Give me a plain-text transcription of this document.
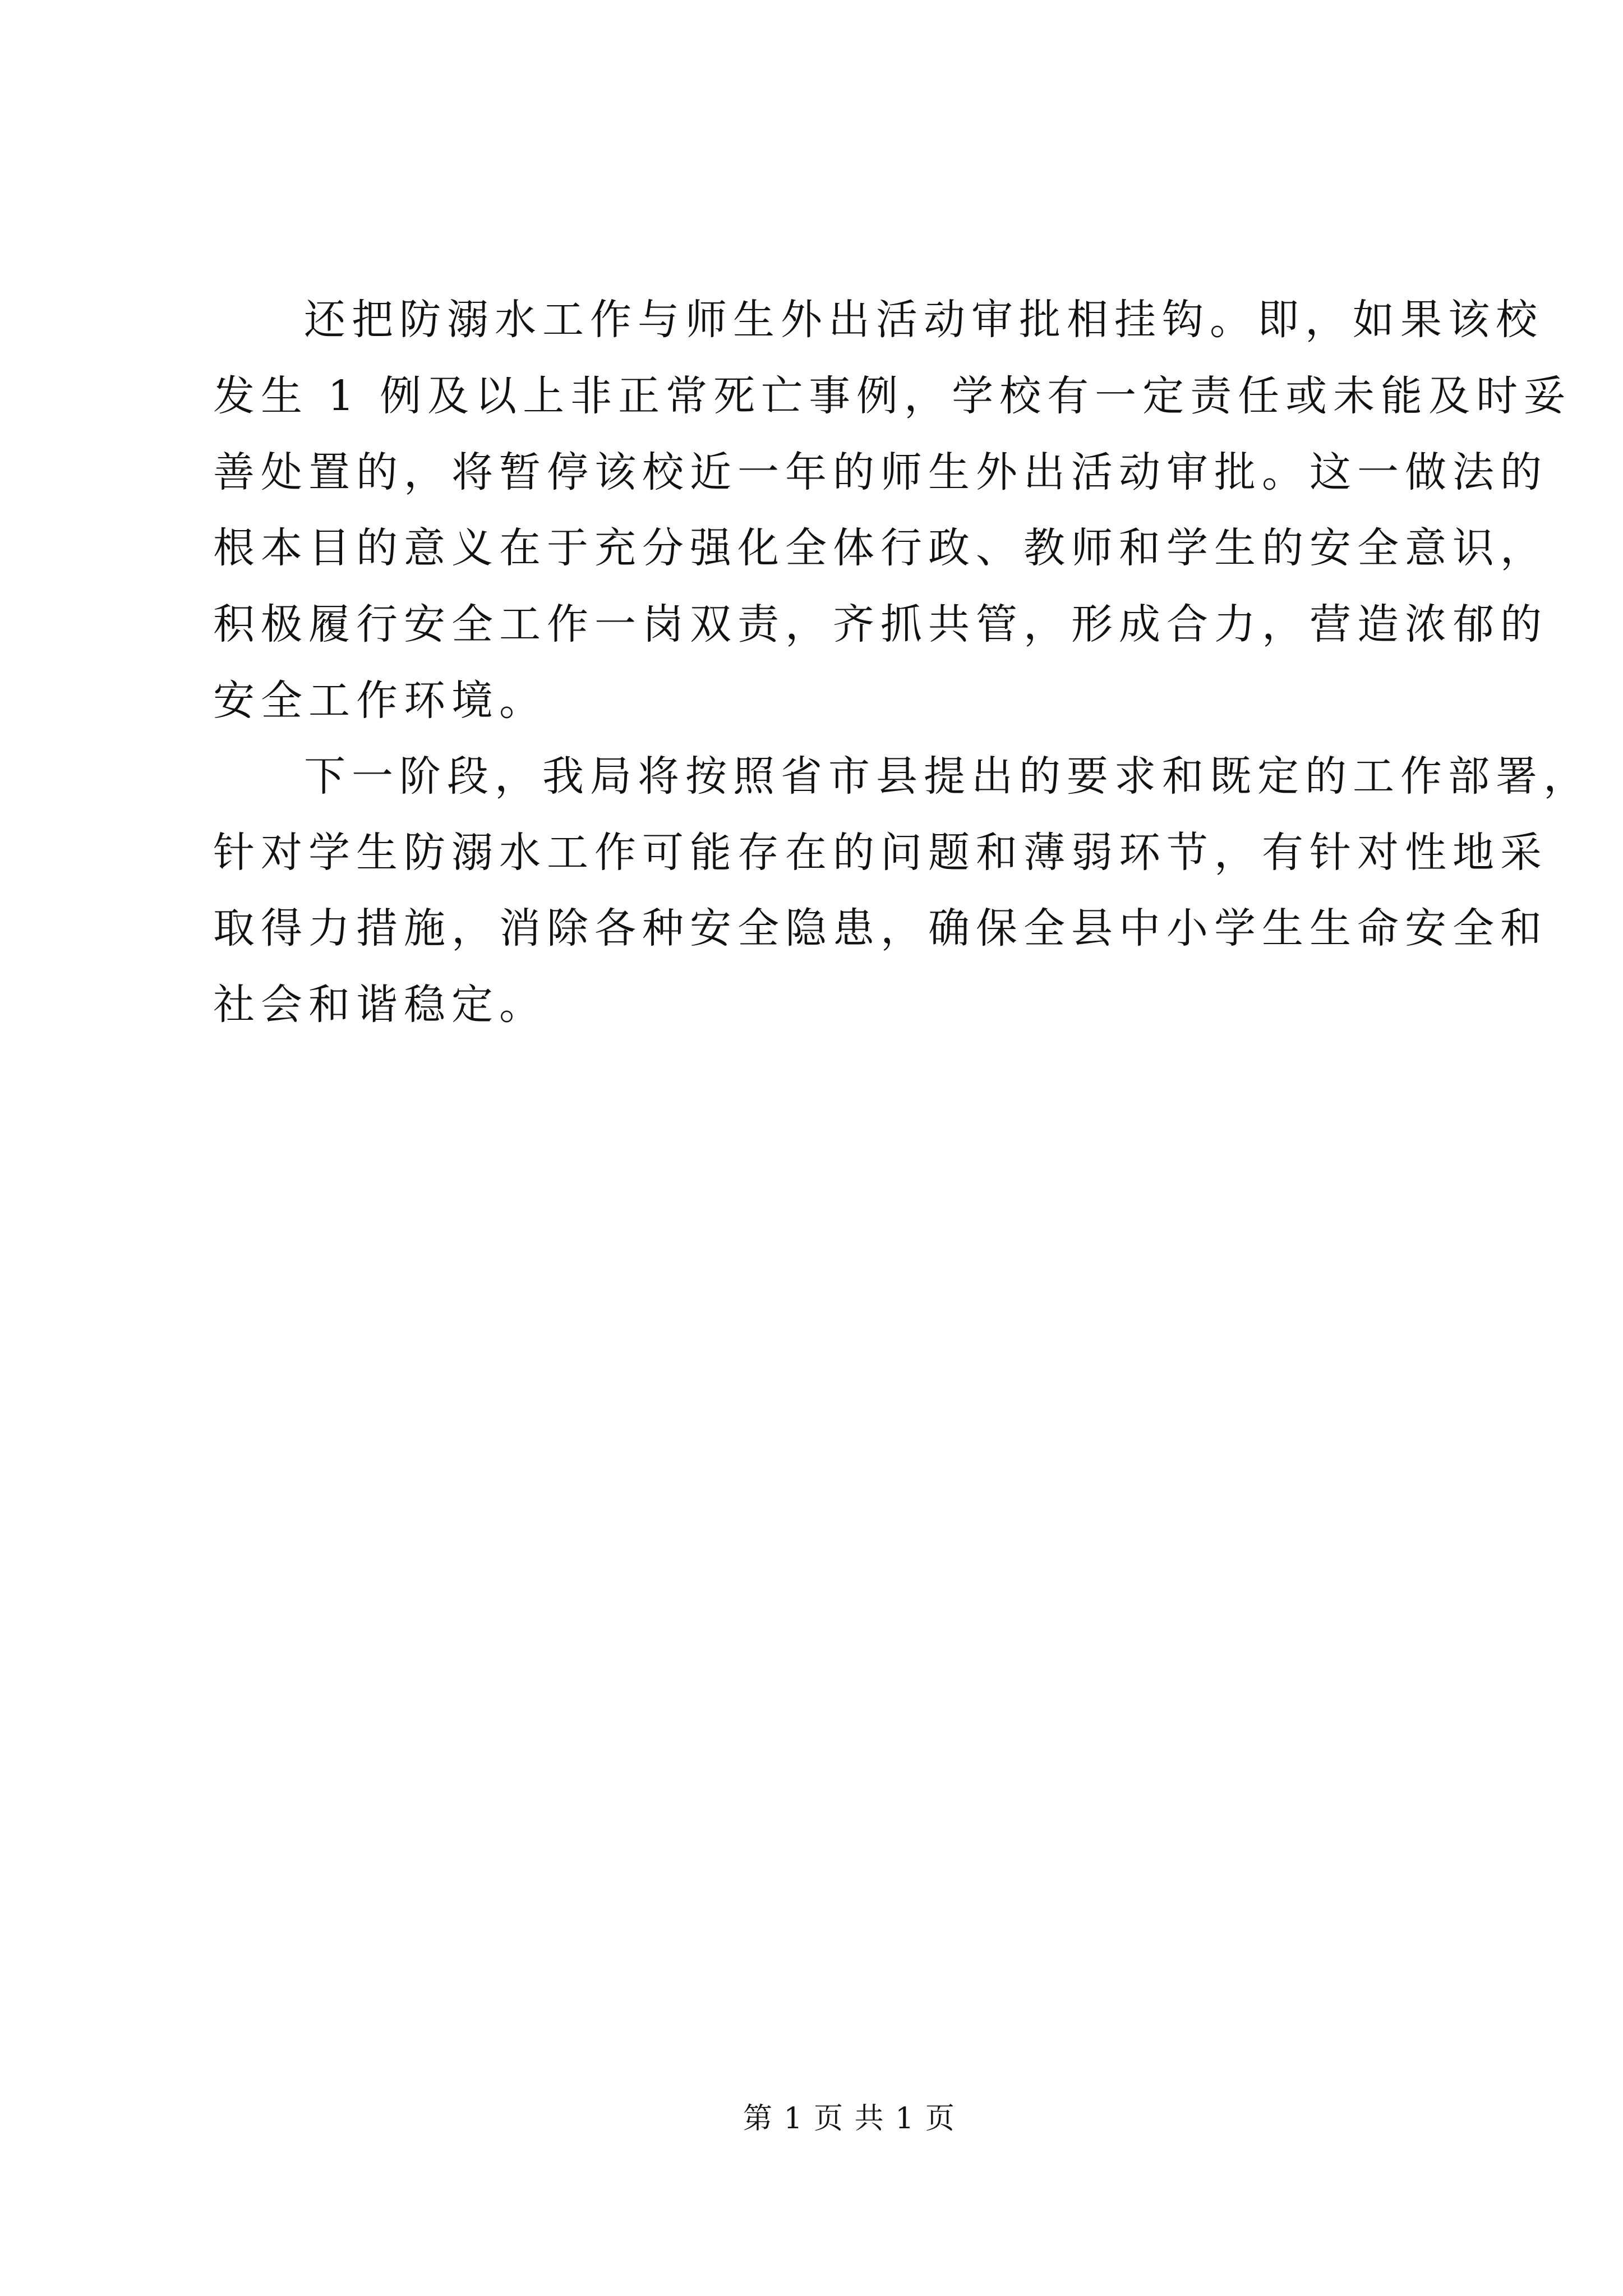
还把防溺水工作与师生外出活动审批相挂钩。即，如果该校
发生 1 例及以上非正常死亡事例，学校有一定责任或未能及时妥
善处置的，将暂停该校近一年的师生外出活动审批。这一做法的
根本目的意义在于充分强化全体行政、教师和学生的安全意识，
积极履行安全工作一岗双责，齐抓共管，形成合力，营造浓郁的
安全工作环境。
下一阶段，我局将按照省市县提出的要求和既定的工作部署，
针对学生防溺水工作可能存在的问题和薄弱环节，有针对性地采
取得力措施，消除各种安全隐患，确保全县中小学生生命安全和
社会和谐稳定。
第 1 页 共 1 页
